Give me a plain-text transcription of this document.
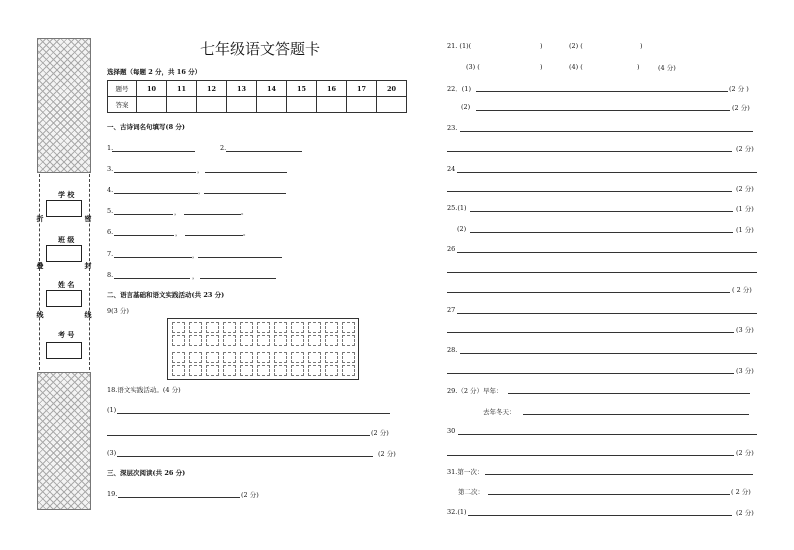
学 校
班 级
姓 名
考 号
折
叠
线
密
封
线
七年级语文答题卡
选择题（每题 2 分，共 16 分）
题号	10	11	12	13	14	15	16	17	20
答案									
一、古诗词名句填写(8 分)
1.	2.
3.	，
4.	，
5.	，	。
6.	，	。
7.	，
8.	，
二、语言基础和语文实践活动(共 23 分)
9(3 分)
18.语文实践活动。(4 分)
(1)
(2 分)
(3)	(2 分)
三、深层次阅读(共 26 分)
19.	(2 分)
21. (1)(	)	(2) (	)
(3) (	)	(4) (	)	(4 分)
22．(1)	(2 分 )
(2)	(2 分)
23.
(2 分)
24
(2 分)
25.(1)	(1 分)
(2)	(1 分)
26
( 2 分)
27
(3 分)
28.
(3 分)
29.（2 分）早年：
去年冬天：
30
(2 分)
31.第一次：
第二次：	( 2 分)
32.(1)	(2 分)
